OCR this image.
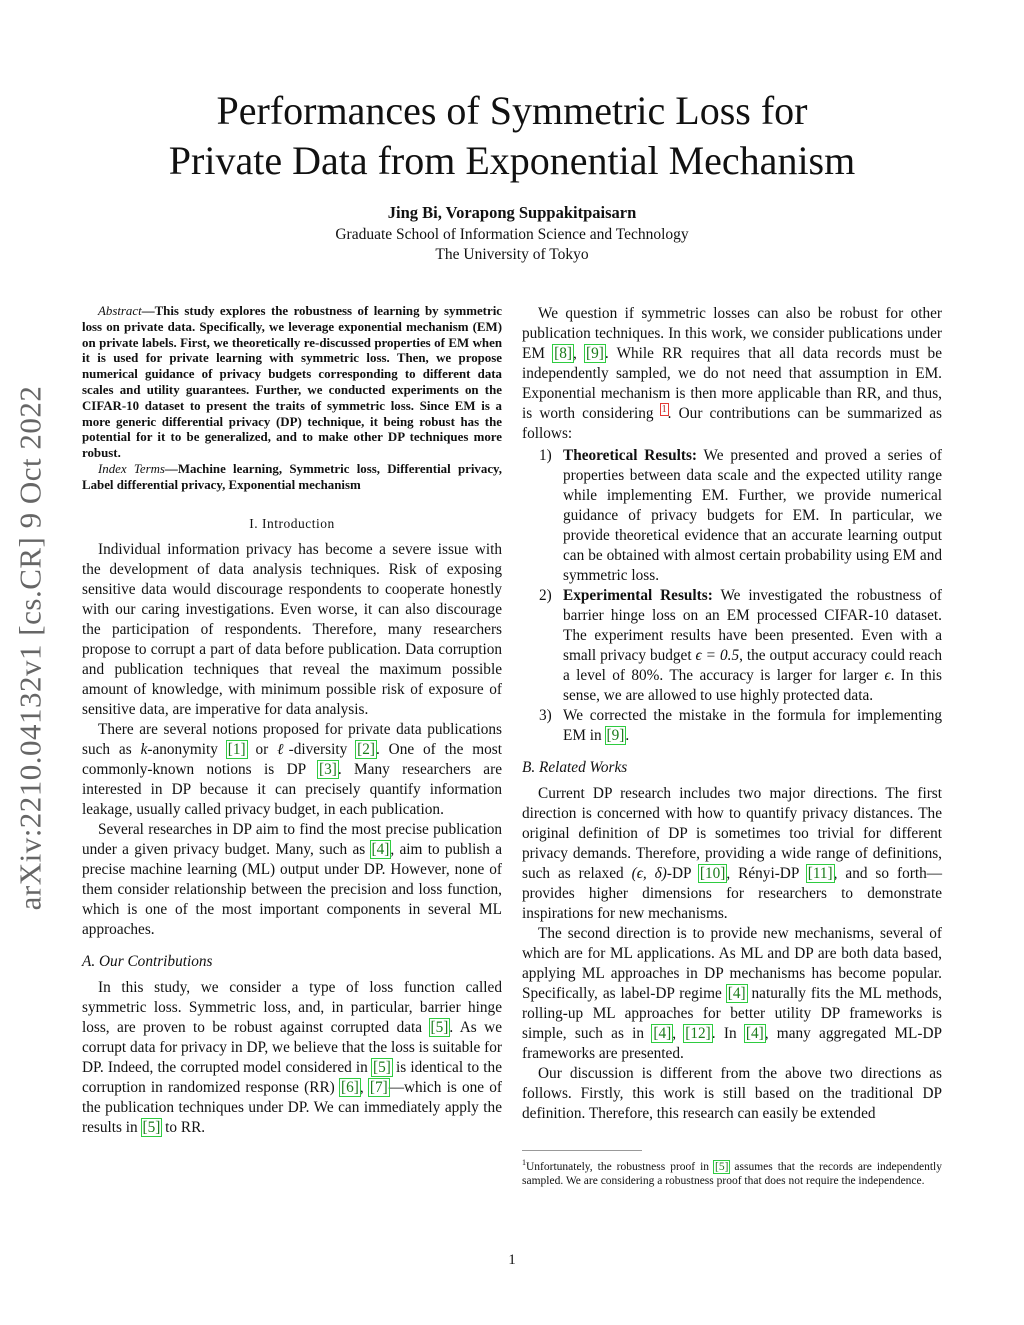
arXiv:2210.04132v1 [cs.CR] 9 Oct 2022
Performances of Symmetric Loss for
Private Data from Exponential Mechanism
Jing Bi, Vorapong Suppakitpaisarn
Graduate School of Information Science and Technology
The University of Tokyo

Abstract—This study explores the robustness of learning by symmetric loss on private data. Specifically, we leverage exponential mechanism (EM) on private labels. First, we theoretically re-discussed properties of EM when it is used for private learning with symmetric loss. Then, we propose numerical guidance of privacy budgets corresponding to different data scales and utility guarantees. Further, we conducted experiments on the CIFAR-10 dataset to present the traits of symmetric loss. Since EM is a more generic differential privacy (DP) technique, it being robust has the potential for it to be generalized, and to make other DP techniques more robust.

Index Terms—Machine learning, Symmetric loss, Differential privacy, Label differential privacy, Exponential mechanism

I. Introduction

Individual information privacy has become a severe issue with the development of data analysis techniques. Risk of exposing sensitive data would discourage respondents to cooperate honestly with our caring investigations. Even worse, it can also discourage the participation of respondents. Therefore, many researchers propose to corrupt a part of data before publication. Data corruption and publication techniques that reveal the maximum possible amount of knowledge, with minimum possible risk of exposure of sensitive data, are imperative for data analysis.

There are several notions proposed for private data publications such as k-anonymity [1] or ℓ-diversity [2]. One of the most commonly-known notions is DP [3]. Many researchers are interested in DP because it can precisely quantify information leakage, usually called privacy budget, in each publication.

Several researches in DP aim to find the most precise publication under a given privacy budget. Many, such as [4], aim to publish a precise machine learning (ML) output under DP. However, none of them consider relationship between the precision and loss function, which is one of the most important components in several ML approaches.

A. Our Contributions

In this study, we consider a type of loss function called symmetric loss. Symmetric loss, and, in particular, barrier hinge loss, are proven to be robust against corrupted data [5]. As we corrupt data for privacy in DP, we believe that the loss is suitable for DP. Indeed, the corrupted model considered in [5] is identical to the corruption in randomized response (RR) [6], [7]—which is one of the publication techniques under DP. We can immediately apply the results in [5] to RR.

We question if symmetric losses can also be robust for other publication techniques. In this work, we consider publications under EM [8], [9]. While RR requires that all data records must be independently sampled, we do not need that assumption in EM. Exponential mechanism is then more applicable than RR, and thus, is worth considering $^1$. Our contributions can be summarized as follows:

1) Theoretical Results: We presented and proved a series of properties between data scale and the expected utility range while implementing EM. Further, we provide numerical guidance of privacy budgets for EM. In particular, we provide theoretical evidence that an accurate learning output can be obtained with almost certain probability using EM and symmetric loss.
2) Experimental Results: We investigated the robustness of barrier hinge loss on an EM processed CIFAR-10 dataset. The experiment results have been presented. Even with a small privacy budget ϵ = 0.5, the output accuracy could reach a level of 80%. The accuracy is larger for larger ϵ. In this sense, we are allowed to use highly protected data.
3) We corrected the mistake in the formula for implementing EM in [9].

B. Related Works

Current DP research includes two major directions. The first direction is concerned with how to quantify privacy distances. The original definition of DP is sometimes too trivial for different privacy demands. Therefore, providing a wide range of definitions, such as relaxed (ϵ, δ)-DP [10], Rényi-DP [11], and so forth—provides higher dimensions for researchers to demonstrate inspirations for new mechanisms.

The second direction is to provide new mechanisms, several of which are for ML applications. As ML and DP are both data based, applying ML approaches in DP mechanisms has become popular. Specifically, as label-DP regime [4] naturally fits the ML methods, rolling-up ML approaches for better utility DP frameworks is simple, such as in [4], [12]. In [4], many aggregated ML-DP frameworks are presented.

Our discussion is different from the above two directions as follows. Firstly, this work is still based on the traditional DP definition. Therefore, this research can easily be extended

$^1$Unfortunately, the robustness proof in [5] assumes that the records are independently sampled. We are considering a robustness proof that does not require the independence.
1
